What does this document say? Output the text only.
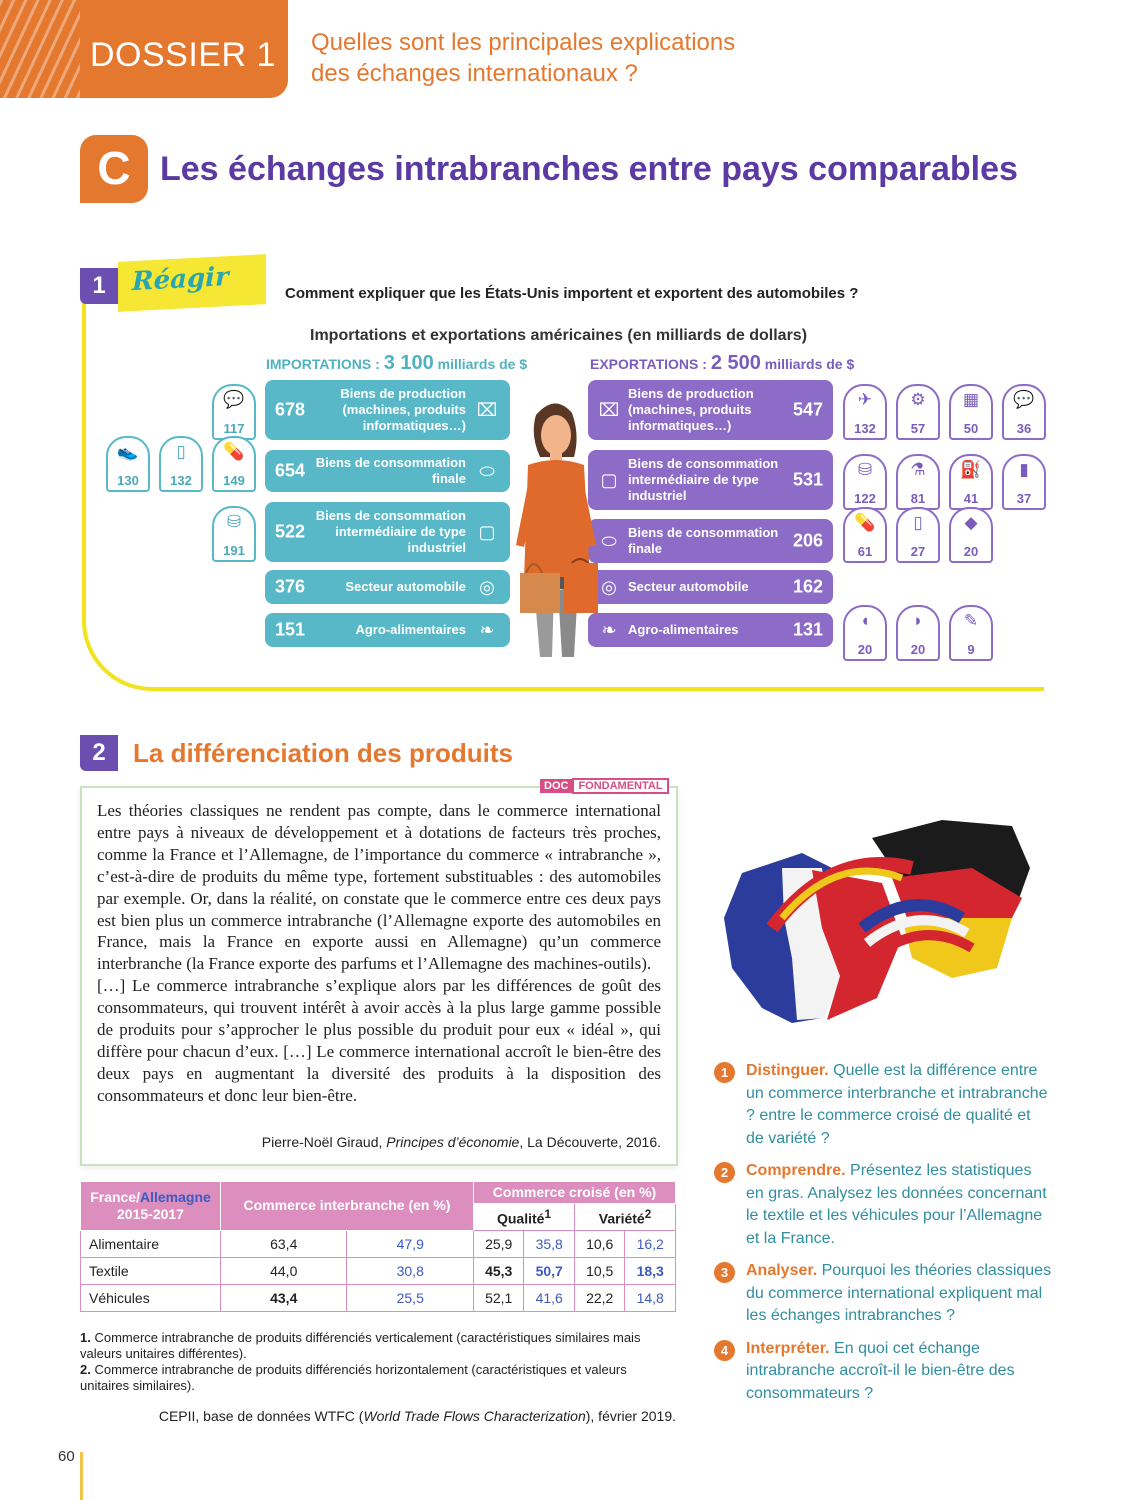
DOSSIER 1 Quelles sont les principales explications
des échanges internationaux ?
C Les échanges intrabranches entre pays comparables
Réagir
1	Comment expliquer que les États-Unis importent et exportent des automobiles ?
Importations et exportations américaines (en milliards de dollars)
IMPORTATIONS : 3 100 milliards de $	EXPORTATIONS : 2 500 milliards de $
678
Biens de production (machines, produits informatiques…)
⌧
💬
117
654 Biens de consommation finale ⬭
👟
130
▯
132
💊
149
522
Biens de consommation intermédiaire de type industriel
▢
⛁
191
376	Secteur automobile ◎
151	Agro-alimentaires ❧
547
Biens de production (machines, produits informatiques…)
⌧
✈
132
⚙
57
▦
50
💬
36
531
Biens de consommation intermédiaire de type industriel
▢
⛁
122
⚗
81
⛽
41
▮
37
206
Biens de consommation finale
⬭
💊
61
▯
27
◆
20
162
Secteur automobile
◎
131
Agro-alimentaires
❧	◖
20
◗
20
✎
9
2	La différenciation des produits
DOC FONDAMENTAL

Les théories classiques ne rendent pas compte, dans le commerce international entre pays à niveaux de développement et à dotations de facteurs très proches, comme la France et l’Allemagne, de l’importance du commerce « intrabranche », c’est-à-dire de produits du même type, fortement substituables : des automobiles par exemple. Or, dans la réalité, on constate que le commerce entre ces deux pays est bien plus un commerce intrabranche (l’Allemagne exporte des automobiles en France, mais la France en exporte aussi en Allemagne) qu’un commerce interbranche (la France exporte des parfums et l’Allemagne des machines-outils).

[…] Le commerce intrabranche s’explique alors par les différences de goût des consommateurs, qui trouvent intérêt à avoir accès à la plus large gamme possible de produits pour s’approcher le plus possible du produit pour eux « idéal », qui diffère pour chacun d’eux. […] Le commerce international accroît le bien-être des deux pays en augmentant la diversité des produits à la disposition des consommateurs et donc leur bien-être.

Pierre-Noël Giraud, Principes d’économie, La Découverte, 2016.
France/Allemagne
2015-2017	Commerce interbranche (en %)		Commerce croisé (en %)			
			Qualité$^1$		Variété$^2$
Alimentaire	63,4	47,9	25,9	35,8	10,6	16,2
Textile	44,0	30,8	45,3	50,7	10,5	18,3
Véhicules	43,4	25,5	52,1	41,6	22,2	14,8
1. Commerce intrabranche de produits différenciés verticalement (caractéristiques similaires mais valeurs unitaires différentes).
2. Commerce intrabranche de produits différenciés horizontalement (caractéristiques et valeurs unitaires similaires).
CEPII, base de données WTFC (World Trade Flows Characterization), février 2019.
1	Distinguer. Quelle est la différence entre un commerce interbranche et intrabranche ? entre le commerce croisé de qualité et de variété ?
2	Comprendre. Présentez les statistiques en gras. Analysez les données concernant le textile et les véhicules pour l’Allemagne et la France.
3	Analyser. Pourquoi les théories classiques du commerce international expliquent mal les échanges intrabranches ?
4	Interpréter. En quoi cet échange intrabranche accroît-il le bien-être des consommateurs ?
60
